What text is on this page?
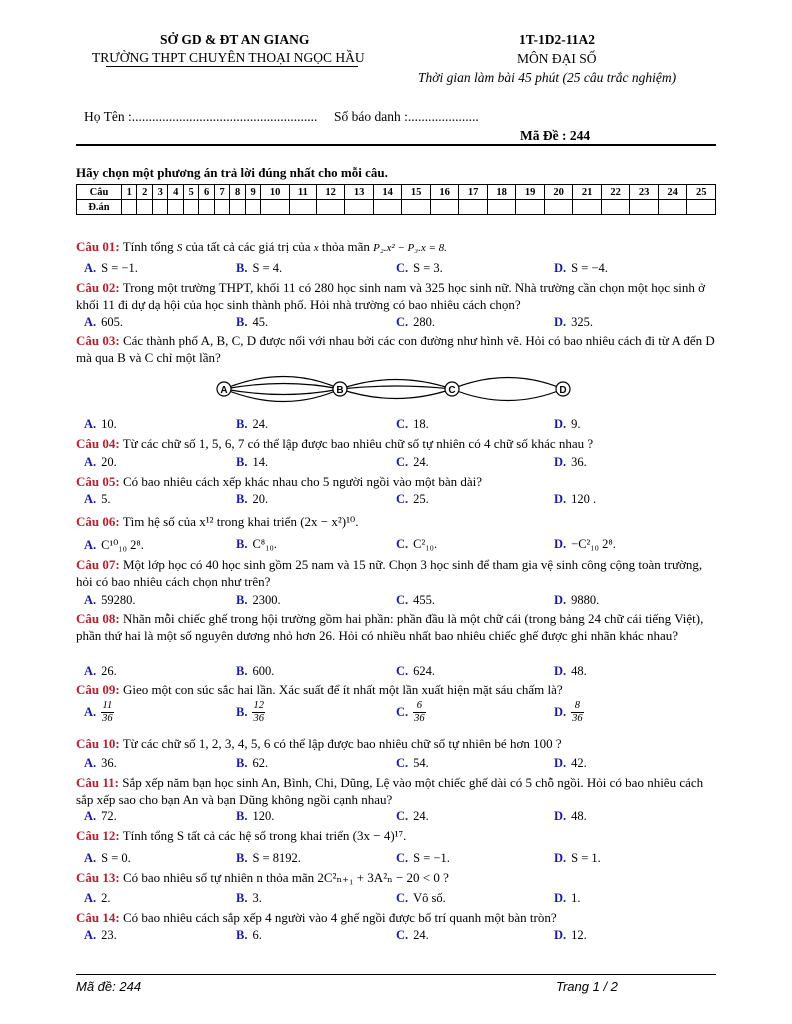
SỞ GD & ĐT AN GIANG
TRƯỜNG THPT CHUYÊN THOẠI NGỌC HẦU
1T-1D2-11A2
MÔN ĐẠI SỐ
Thời gian làm bài 45 phút (25 câu trắc nghiệm)
Họ Tên :....................................................... Số báo danh :.....................
Mã Đề : 244
Hãy chọn một phương án trả lời đúng nhất cho mỗi câu.
Câu	1	2	3	4	5	6	7	8	9	10	11	12	13	14	15	16	17	18	19	20	21	22	23	24	25
Đ.án																									
Câu 01: Tính tổng S của tất cả các giá trị của x thỏa mãn P₂.x² − P₃.x = 8.
A. S = −1.	B. S = 4.	C. S = 3.	D. S = −4.
Câu 02: Trong một trường THPT, khối 11 có 280 học sinh nam và 325 học sinh nữ. Nhà trường cần chọn một học sinh ở khối 11 đi dự dạ hội của học sinh thành phố. Hỏi nhà trường có bao nhiêu cách chọn?
A. 605.	B. 45.	C. 280.	D. 325.
Câu 03: Các thành phố A, B, C, D được nối với nhau bởi các con đường như hình vẽ. Hỏi có bao nhiêu cách đi từ A đến D mà qua B và C chỉ một lần?
A	B	C	D
A. 10.	B. 24.	C. 18.	D. 9.
Câu 04: Từ các chữ số 1, 5, 6, 7 có thể lập được bao nhiêu chữ số tự nhiên có 4 chữ số khác nhau ?
A. 20.	B. 14.	C. 24.	D. 36.
Câu 05: Có bao nhiêu cách xếp khác nhau cho 5 người ngồi vào một bàn dài?
A. 5.	B. 20.	C. 25.	D. 120 .
Câu 06: Tìm hệ số của x¹² trong khai triển (2x − x²)¹⁰.
A. C¹⁰₁₀ 2⁸.	B. C⁸₁₀.	C. C²₁₀.	D. −C²₁₀ 2⁸.
Câu 07: Một lớp học có 40 học sinh gồm 25 nam và 15 nữ. Chọn 3 học sinh để tham gia vệ sinh công cộng toàn trường, hỏi có bao nhiêu cách chọn như trên?
A. 59280.	B. 2300.	C. 455.	D. 9880.
Câu 08: Nhãn mỗi chiếc ghế trong hội trường gồm hai phần: phần đầu là một chữ cái (trong bảng 24 chữ cái tiếng Việt), phần thứ hai là một số nguyên dương nhỏ hơn 26. Hỏi có nhiều nhất bao nhiêu chiếc ghế được ghi nhãn khác nhau?
A. 26.	B. 600.	C. 624.	D. 48.
Câu 09: Gieo một con súc sắc hai lần. Xác suất để ít nhất một lần xuất hiện mặt sáu chấm là?
A. $\frac{11}{36}$	B. $\frac{12}{36}$	C. $\frac{6}{36}$	D. $\frac{8}{36}$
Câu 10: Từ các chữ số 1, 2, 3, 4, 5, 6 có thể lập được bao nhiêu chữ số tự nhiên bé hơn 100 ?
A. 36.	B. 62.	C. 54.	D. 42.
Câu 11: Sắp xếp năm bạn học sinh An, Bình, Chi, Dũng, Lệ vào một chiếc ghế dài có 5 chỗ ngồi. Hỏi có bao nhiêu cách sắp xếp sao cho bạn An và bạn Dũng không ngồi cạnh nhau?
A. 72.	B. 120.	C. 24.	D. 48.
Câu 12: Tính tổng S tất cả các hệ số trong khai triển (3x − 4)¹⁷.
A. S = 0.	B. S = 8192.	C. S = −1.	D. S = 1.
Câu 13: Có bao nhiêu số tự nhiên n thỏa mãn 2C²ₙ₊₁ + 3A²ₙ − 20 < 0 ?
A. 2.	B. 3.	C. Vô số.	D. 1.
Câu 14: Có bao nhiêu cách sắp xếp 4 người vào 4 ghế ngồi được bố trí quanh một bàn tròn?
A. 23.	B. 6.	C. 24.	D. 12.
Mã đề: 244	Trang 1 / 2
